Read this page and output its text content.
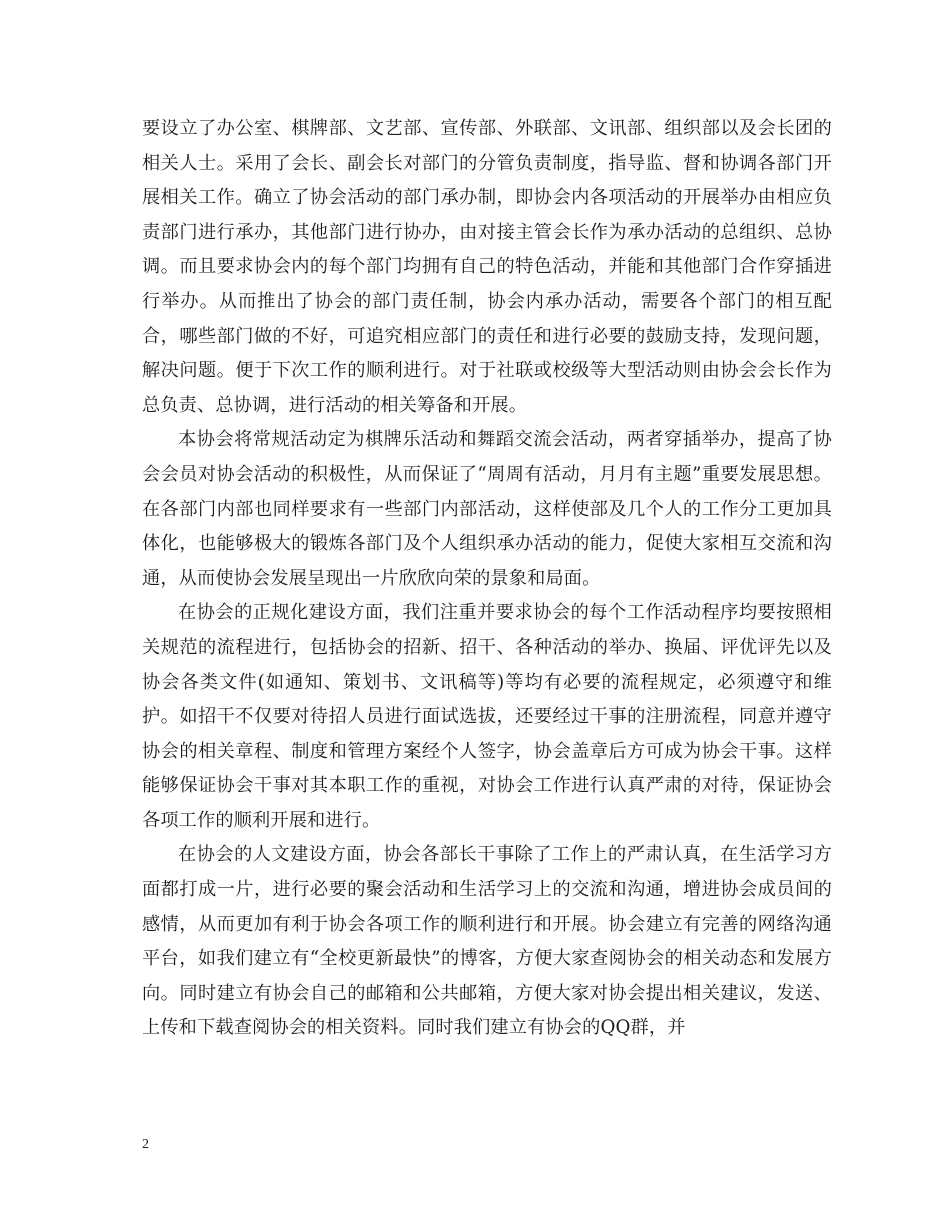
要设立了办公室、棋牌部、文艺部、宣传部、外联部、文讯部、组织部以及会长团的相关人士。采用了会长、副会长对部门的分管负责制度，指导监、督和协调各部门开展相关工作。确立了协会活动的部门承办制，即协会内各项活动的开展举办由相应负责部门进行承办，其他部门进行协办，由对接主管会长作为承办活动的总组织、总协调。而且要求协会内的每个部门均拥有自己的特色活动，并能和其他部门合作穿插进行举办。从而推出了协会的部门责任制，协会内承办活动，需要各个部门的相互配合，哪些部门做的不好，可追究相应部门的责任和进行必要的鼓励支持，发现问题，解决问题。便于下次工作的顺利进行。对于社联或校级等大型活动则由协会会长作为总负责、总协调，进行活动的相关筹备和开展。

本协会将常规活动定为棋牌乐活动和舞蹈交流会活动，两者穿插举办，提高了协会会员对协会活动的积极性，从而保证了“周周有活动，月月有主题”重要发展思想。在各部门内部也同样要求有一些部门内部活动，这样使部及几个人的工作分工更加具体化，也能够极大的锻炼各部门及个人组织承办活动的能力，促使大家相互交流和沟通，从而使协会发展呈现出一片欣欣向荣的景象和局面。

在协会的正规化建设方面，我们注重并要求协会的每个工作活动程序均要按照相关规范的流程进行，包括协会的招新、招干、各种活动的举办、换届、评优评先以及协会各类文件(如通知、策划书、文讯稿等)等均有必要的流程规定，必须遵守和维护。如招干不仅要对待招人员进行面试选拔，还要经过干事的注册流程，同意并遵守协会的相关章程、制度和管理方案经个人签字，协会盖章后方可成为协会干事。这样能够保证协会干事对其本职工作的重视，对协会工作进行认真严肃的对待，保证协会各项工作的顺利开展和进行。

在协会的人文建设方面，协会各部长干事除了工作上的严肃认真，在生活学习方面都打成一片，进行必要的聚会活动和生活学习上的交流和沟通，增进协会成员间的感情，从而更加有利于协会各项工作的顺利进行和开展。协会建立有完善的网络沟通平台，如我们建立有“全校更新最快”的博客，方便大家查阅协会的相关动态和发展方向。同时建立有协会自己的邮箱和公共邮箱，方便大家对协会提出相关建议，发送、上传和下载查阅协会的相关资料。同时我们建立有协会的QQ群，并

2
